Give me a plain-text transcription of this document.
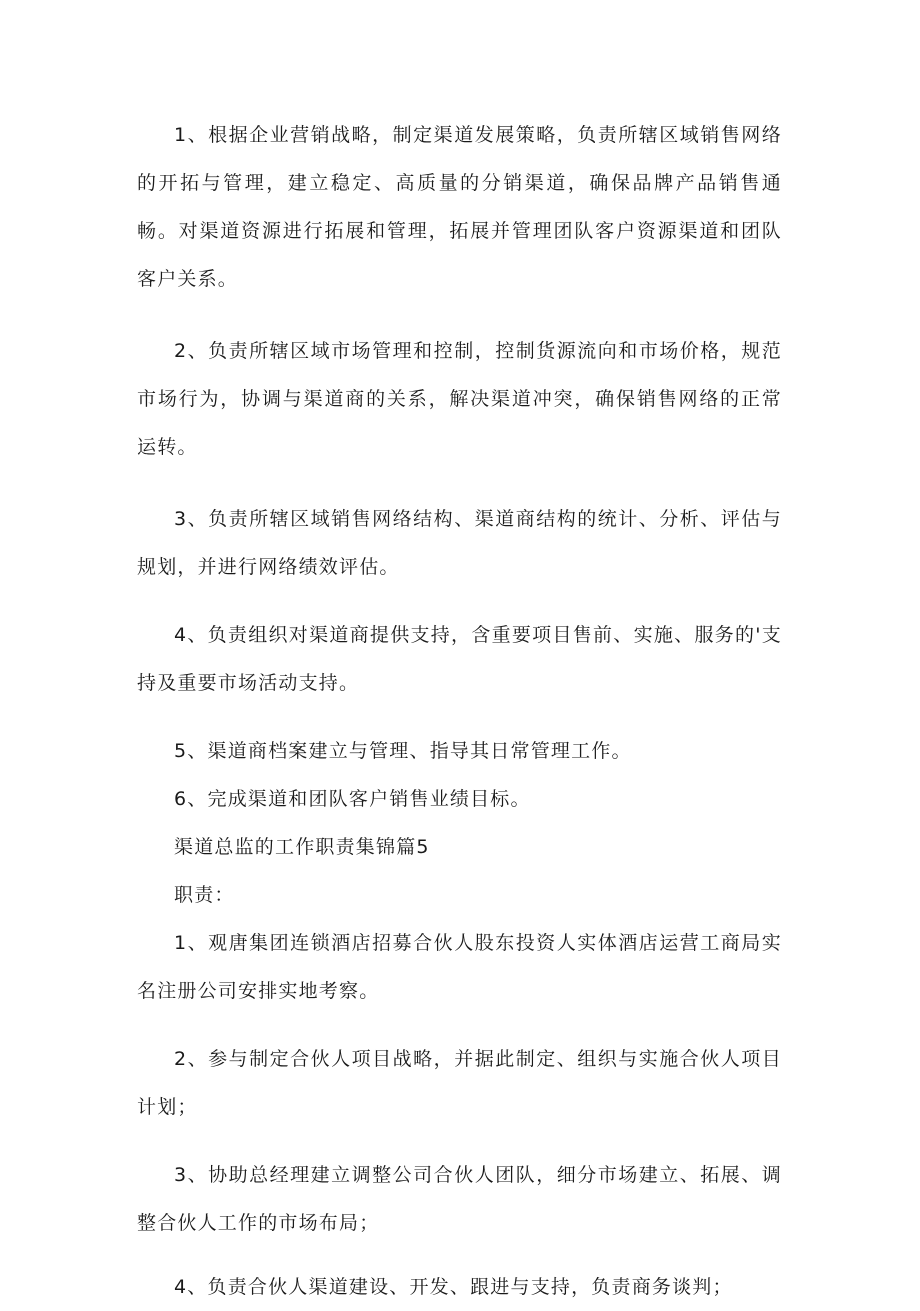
1、根据企业营销战略，制定渠道发展策略，负责所辖区域销售网络的开拓与管理，建立稳定、高质量的分销渠道，确保品牌产品销售通畅。对渠道资源进行拓展和管理，拓展并管理团队客户资源渠道和团队客户关系。

2、负责所辖区域市场管理和控制，控制货源流向和市场价格，规范市场行为，协调与渠道商的关系，解决渠道冲突，确保销售网络的正常运转。

3、负责所辖区域销售网络结构、渠道商结构的统计、分析、评估与规划，并进行网络绩效评估。

4、负责组织对渠道商提供支持，含重要项目售前、实施、服务的'支持及重要市场活动支持。

5、渠道商档案建立与管理、指导其日常管理工作。

6、完成渠道和团队客户销售业绩目标。

渠道总监的工作职责集锦篇5

职责：

1、观唐集团连锁酒店招募合伙人股东投资人实体酒店运营工商局实名注册公司安排实地考察。

2、参与制定合伙人项目战略，并据此制定、组织与实施合伙人项目计划；

3、协助总经理建立调整公司合伙人团队，细分市场建立、拓展、调整合伙人工作的市场布局；

4、负责合伙人渠道建设、开发、跟进与支持，负责商务谈判；
